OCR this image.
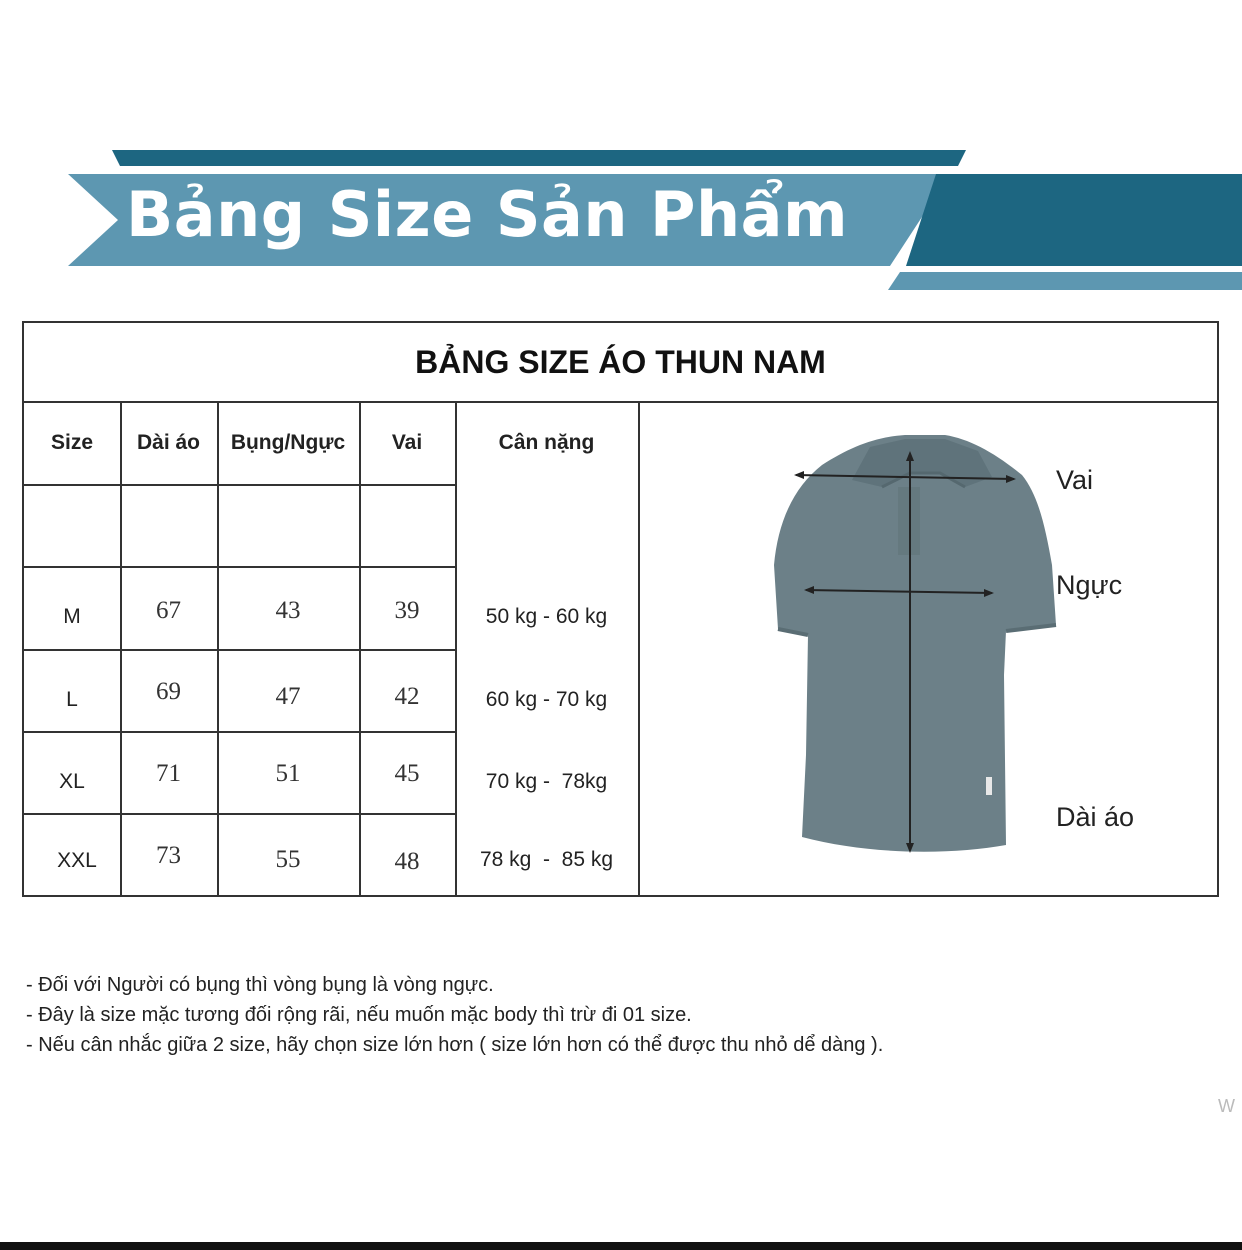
Bảng Size Sản Phẩm
BẢNG SIZE ÁO THUN NAM
Size	Dài áo	Bụng/Ngực	Vai	Cân nặng
M	67	43	39	50 kg - 60 kg
L	69	47	42	60 kg - 70 kg
XL	71	51	45	70 kg -  78kg
XXL	73	55	48	78 kg  -  85 kg
Vai
Ngực
Dài áo
- Đối với Người có bụng thì vòng bụng là vòng ngực.
- Đây là size mặc tương đối rộng rãi, nếu muốn mặc body thì trừ đi 01 size.
- Nếu cân nhắc giữa 2 size, hãy chọn size lớn hơn ( size lớn hơn có thể được thu nhỏ dể dàng ).
W
